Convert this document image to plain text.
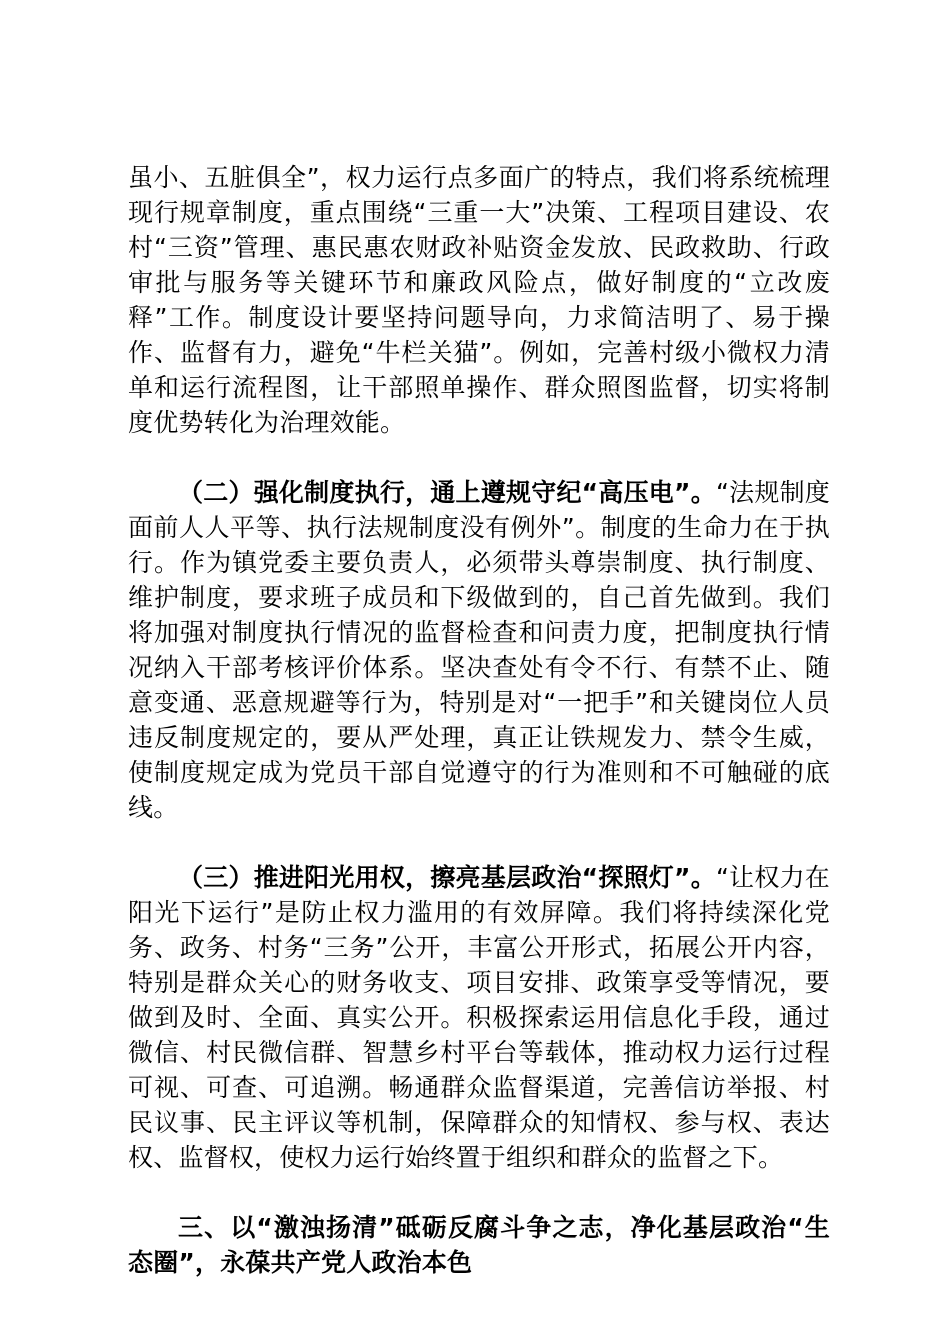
虽小、五脏俱全”，权力运行点多面广的特点，我们将系统梳理现行规章制度，重点围绕“三重一大”决策、工程项目建设、农村“三资”管理、惠民惠农财政补贴资金发放、民政救助、行政审批与服务等关键环节和廉政风险点，做好制度的“立改废释”工作。制度设计要坚持问题导向，力求简洁明了、易于操作、监督有力，避免“牛栏关猫”。例如，完善村级小微权力清单和运行流程图，让干部照单操作、群众照图监督，切实将制度优势转化为治理效能。

（二）强化制度执行，通上遵规守纪“高压电”。“法规制度面前人人平等、执行法规制度没有例外”。制度的生命力在于执行。作为镇党委主要负责人，必须带头尊崇制度、执行制度、维护制度，要求班子成员和下级做到的，自己首先做到。我们将加强对制度执行情况的监督检查和问责力度，把制度执行情况纳入干部考核评价体系。坚决查处有令不行、有禁不止、随意变通、恶意规避等行为，特别是对“一把手”和关键岗位人员违反制度规定的，要从严处理，真正让铁规发力、禁令生威，使制度规定成为党员干部自觉遵守的行为准则和不可触碰的底线。

（三）推进阳光用权，擦亮基层政治“探照灯”。“让权力在阳光下运行”是防止权力滥用的有效屏障。我们将持续深化党务、政务、村务“三务”公开，丰富公开形式，拓展公开内容，特别是群众关心的财务收支、项目安排、政策享受等情况，要做到及时、全面、真实公开。积极探索运用信息化手段，通过微信、村民微信群、智慧乡村平台等载体，推动权力运行过程可视、可查、可追溯。畅通群众监督渠道，完善信访举报、村民议事、民主评议等机制，保障群众的知情权、参与权、表达权、监督权，使权力运行始终置于组织和群众的监督之下。

三、以“激浊扬清”砥砺反腐斗争之志，净化基层政治“生态圈”，永葆共产党人政治本色
